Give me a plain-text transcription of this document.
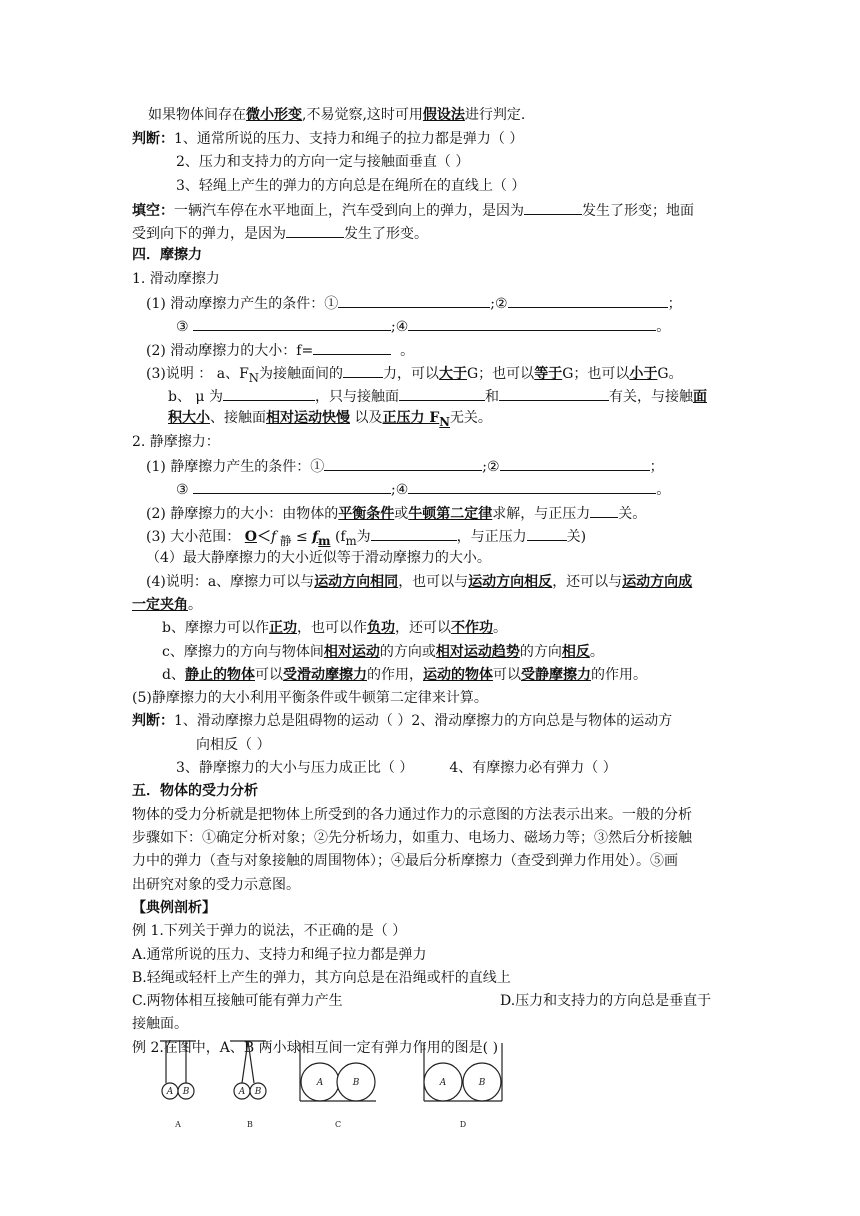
如果物体间存在微小形变,不易觉察,这时可用假设法进行判定.
判断：1、通常所说的压力、支持力和绳子的拉力都是弹力（ ）
2、压力和支持力的方向一定与接触面垂直（ ）
3、轻绳上产生的弹力的方向总是在绳所在的直线上（ ）
填空：一辆汽车停在水平地面上，汽车受到向上的弹力，是因为	发生了形变；地面
受到向下的弹力，是因为	发生了形变。
四．摩擦力
1. 滑动摩擦力
(1) 滑动摩擦力产生的条件：①	;②	；
③	;④	。
(2) 滑动摩擦力的大小：f=	。
(3)说明 ： a、$F_N$为接触面间的	力，可以大于G；也可以等于G；也可以小于G。
b、 μ 为	，只与接触面	和	有关，与接触面
积大小、接触面相对运动快慢 以及正压力 $F_N$无关。
2. 静摩擦力：
(1) 静摩擦力产生的条件：①	;②	；
③	;④	。
(2) 静摩擦力的大小：由物体的平衡条件或牛顿第二定律求解，与正压力 关。
(3) 大小范围： O＜f $_静 \le f_m$ ($f_m$为	，与正压力	关)
（4）最大静摩擦力的大小近似等于滑动摩擦力的大小。
(4)说明：a、摩擦力可以与运动方向相同，也可以与运动方向相反，还可以与运动方向成
一定夹角。
b、摩擦力可以作正功，也可以作负功，还可以不作功。
c、摩擦力的方向与物体间相对运动的方向或相对运动趋势的方向相反。
d、静止的物体可以受滑动摩擦力的作用，运动的物体可以受静摩擦力的作用。
(5)静摩擦力的大小利用平衡条件或牛顿第二定律来计算。
判断：1、滑动摩擦力总是阻碍物的运动（ ）2、滑动摩擦力的方向总是与物体的运动方
向相反（ ）
3、静摩擦力的大小与压力成正比（ ）	4、有摩擦力必有弹力（ ）
五．物体的受力分析
物体的受力分析就是把物体上所受到的各力通过作力的示意图的方法表示出来。一般的分析
步骤如下：①确定分析对象；②先分析场力，如重力、电场力、磁场力等；③然后分析接触
力中的弹力（查与对象接触的周围物体）；④最后分析摩擦力（查受到弹力作用处）。⑤画
出研究对象的受力示意图。
【典例剖析】
例 1.下列关于弹力的说法，不正确的是（ ）
A.通常所说的压力、支持力和绳子拉力都是弹力
B.轻绳或轻杆上产生的弹力，其方向总是在沿绳或杆的直线上
C.两物体相互接触可能有弹力产生	D.压力和支持力的方向总是垂直于
接触面。
例 2.在图中，A、B 两小球相互间一定有弹力作用的图是( )
A B	A B
A	B	A	B
A	B	C	D
